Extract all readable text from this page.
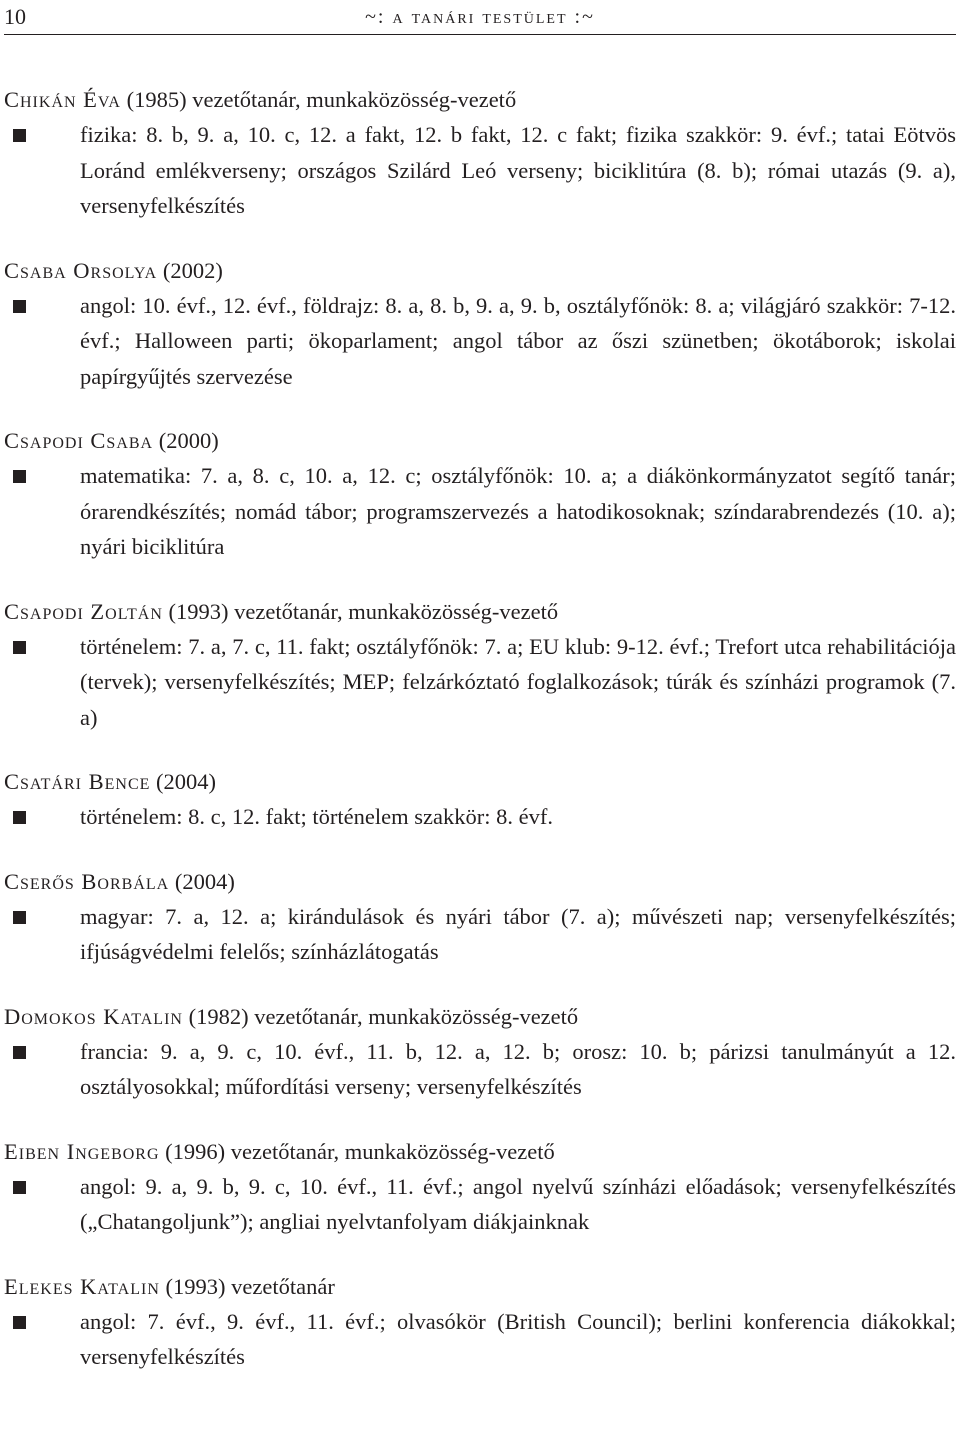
10	~: a tanári testület :~
Chikán Éva (1985) vezetőtanár, munkaközösség-vezető
fizika: 8. b, 9. a, 10. c, 12. a fakt, 12. b fakt, 12. c fakt; fizika szakkör: 9. évf.; tatai Eötvös Loránd emlékverseny; országos Szilárd Leó verseny; biciklitúra (8. b); római utazás (9. a), versenyfelkészítés
Csaba Orsolya (2002)
angol: 10. évf., 12. évf., földrajz: 8. a, 8. b, 9. a, 9. b, osztályfőnök: 8. a; világjáró szakkör: 7-12. évf.; Halloween parti; ökoparlament; angol tábor az őszi szünetben; ökotáborok; iskolai papírgyűjtés szervezése
Csapodi Csaba (2000)
matematika: 7. a, 8. c, 10. a, 12. c; osztályfőnök: 10. a; a diákönkormányzatot segítő tanár; órarendkészítés; nomád tábor; programszervezés a hatodikosoknak; színdarabrendezés (10. a); nyári biciklitúra
Csapodi Zoltán (1993) vezetőtanár, munkaközösség-vezető
történelem: 7. a, 7. c, 11. fakt; osztályfőnök: 7. a; EU klub: 9-12. évf.; Trefort utca rehabilitációja (tervek); versenyfelkészítés; MEP; felzárkóztató foglalkozások; túrák és színházi programok (7. a)
Csatári Bence (2004)
történelem: 8. c, 12. fakt; történelem szakkör: 8. évf.
Cserős Borbála (2004)
magyar: 7. a, 12. a; kirándulások és nyári tábor (7. a); művészeti nap; versenyfelkészítés; ifjúságvédelmi felelős; színházlátogatás
Domokos Katalin (1982) vezetőtanár, munkaközösség-vezető
francia: 9. a, 9. c, 10. évf., 11. b, 12. a, 12. b; orosz: 10. b; párizsi tanulmányút a 12. osztályosokkal; műfordítási verseny; versenyfelkészítés
Eiben Ingeborg (1996) vezetőtanár, munkaközösség-vezető
angol: 9. a, 9. b, 9. c, 10. évf., 11. évf.; angol nyelvű színházi előadások; versenyfelkészítés („Chatangoljunk”); angliai nyelvtanfolyam diákjainknak
Elekes Katalin (1993) vezetőtanár
angol: 7. évf., 9. évf., 11. évf.; olvasókör (British Council); berlini konferencia diákokkal; versenyfelkészítés
